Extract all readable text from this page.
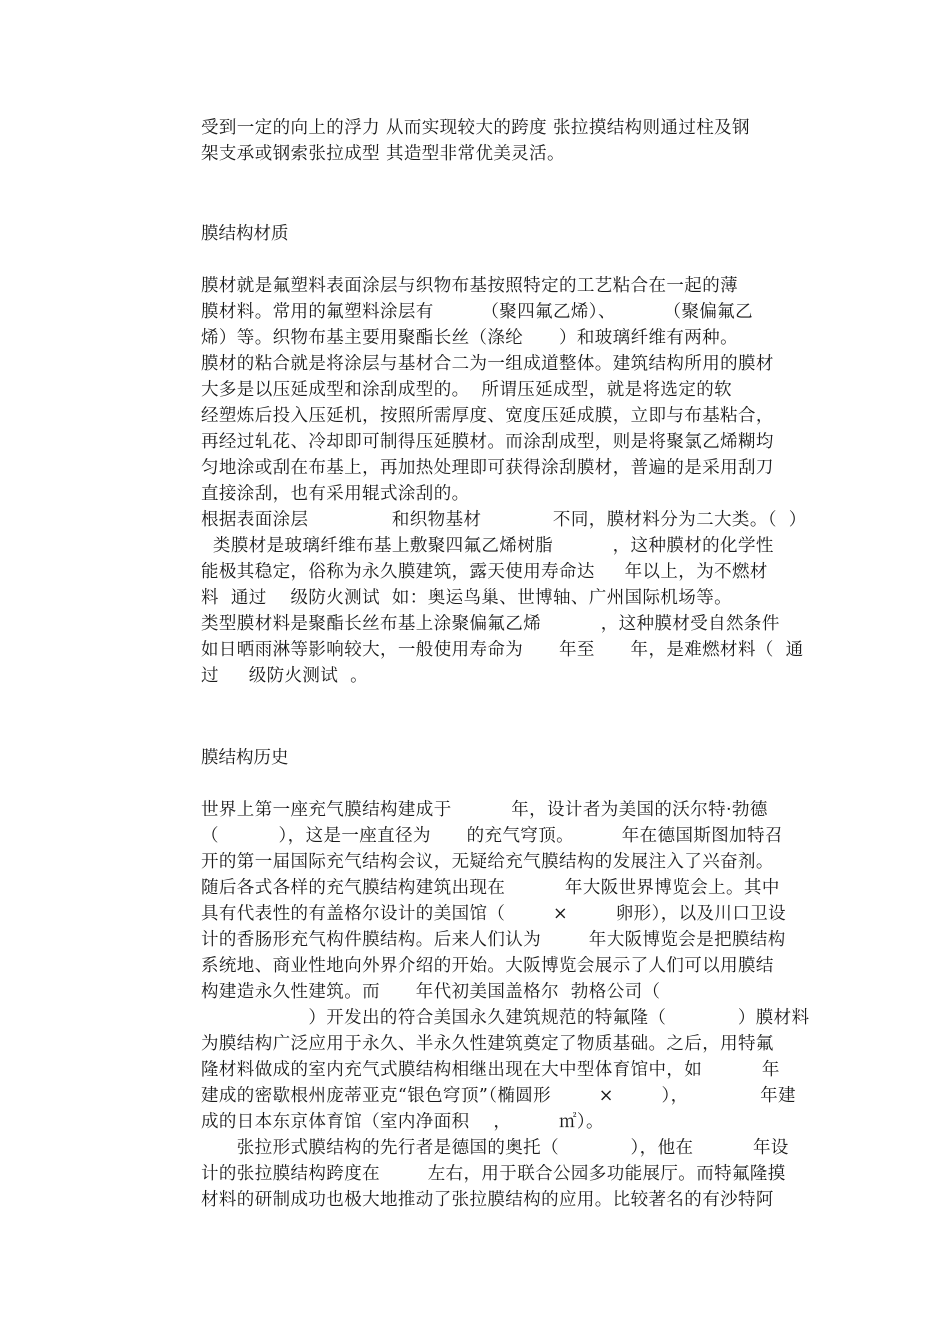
受到一定的向上的浮力 从而实现较大的跨度 张拉摸结构则通过柱及钢
架支承或钢索张拉成型 其造型非常优美灵活。
膜结构材质
膜材就是氟塑料表面涂层与织物布基按照特定的工艺粘合在一起的薄
膜材料。常用的氟塑料涂层有        （聚四氟乙烯）、        （聚偏氟乙
烯）等。织物布基主要用聚酯长丝（涤纶      ）和玻璃纤维有两种。
膜材的粘合就是将涂层与基材合二为一组成道整体。建筑结构所用的膜材
大多是以压延成型和涂刮成型的。  所谓压延成型，就是将选定的软
经塑炼后投入压延机，按照所需厚度、宽度压延成膜，立即与布基粘合，
再经过轧花、冷却即可制得压延膜材。而涂刮成型，则是将聚氯乙烯糊均
匀地涂或刮在布基上，再加热处理即可获得涂刮膜材，普遍的是采用刮刀
直接涂刮，也有采用辊式涂刮的。
根据表面涂层              和织物基材            不同，膜材料分为二大类。（  ）
类膜材是玻璃纤维布基上敷聚四氟乙烯树脂          ，这种膜材的化学性
能极其稳定，俗称为永久膜建筑，露天使用寿命达     年以上，为不燃材
料  通过    级防火测试  如：奥运鸟巢、世博轴、广州国际机场等。
类型膜材料是聚酯长丝布基上涂聚偏氟乙烯          ，这种膜材受自然条件
如日晒雨淋等影响较大，一般使用寿命为      年至      年，是难燃材料（  通
过     级防火测试  。
膜结构历史
世界上第一座充气膜结构建成于          年，设计者为美国的沃尔特·勃德
（          ），这是一座直径为      的充气穹顶。        年在德国斯图加特召
开的第一届国际充气结构会议，无疑给充气膜结构的发展注入了兴奋剂。
随后各式各样的充气膜结构建筑出现在          年大阪世界博览会上。其中
具有代表性的有盖格尔设计的美国馆（        ×        卵形），以及川口卫设
计的香肠形充气构件膜结构。后来人们认为        年大阪博览会是把膜结构
系统地、商业性地向外界介绍的开始。大阪博览会展示了人们可以用膜结
构建造永久性建筑。而      年代初美国盖格尔  勃格公司（
）开发出的符合美国永久建筑规范的特氟隆（            ）膜材料
为膜结构广泛应用于永久、半永久性建筑奠定了物质基础。之后，用特氟
隆材料做成的室内充气式膜结构相继出现在大中型体育馆中，如          年
建成的密歇根州庞蒂亚克“银色穹顶”（椭圆形        ×        ），            年建
成的日本东京体育馆（室内净面积    ，        ㎡）。
张拉形式膜结构的先行者是德国的奥托（            ），他在          年设
计的张拉膜结构跨度在        左右，用于联合公园多功能展厅。而特氟隆摸
材料的研制成功也极大地推动了张拉膜结构的应用。比较著名的有沙特阿
